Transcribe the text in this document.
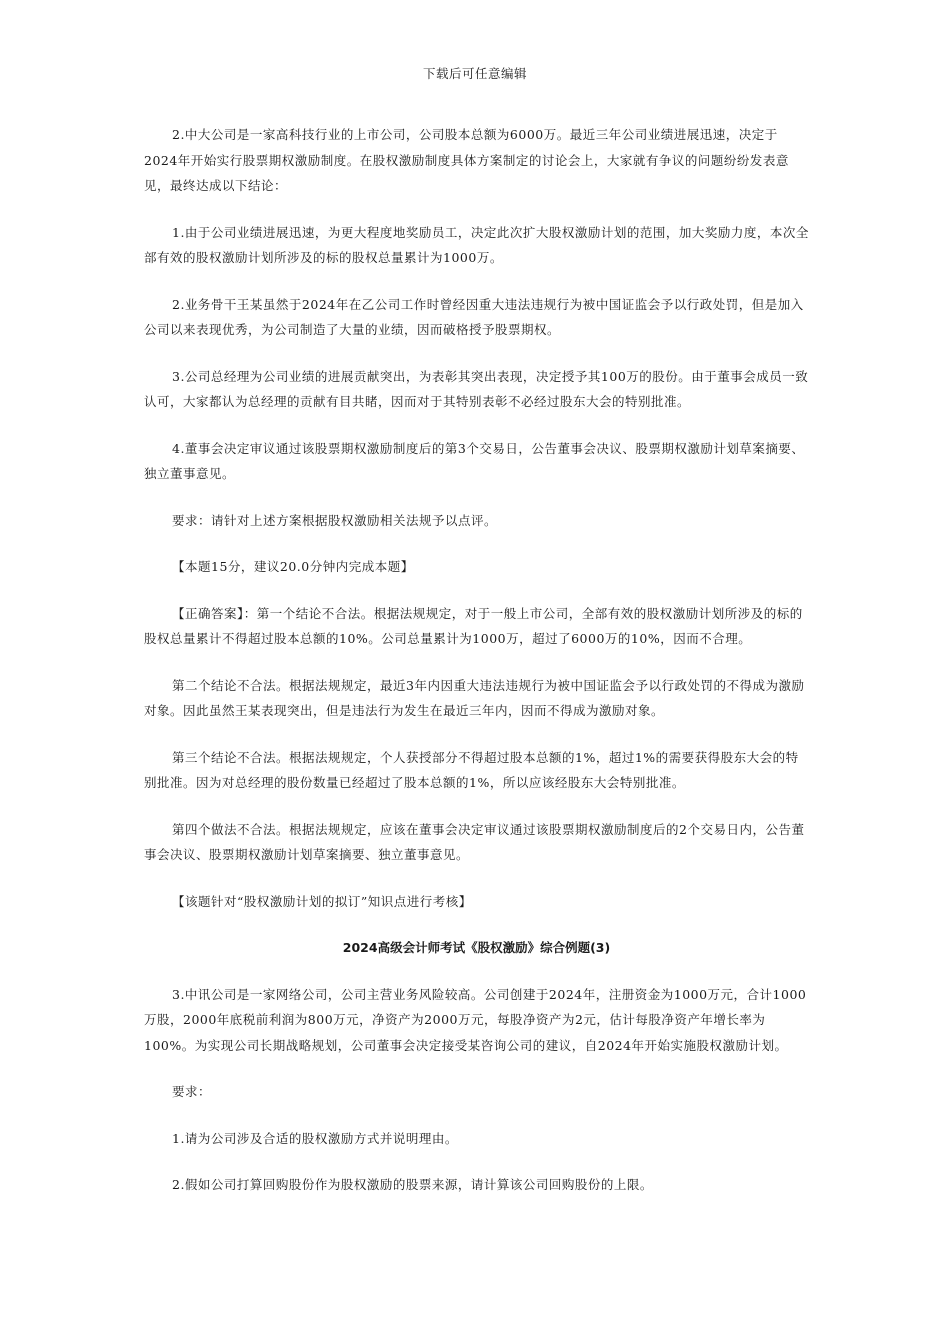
下载后可任意编辑

2.中大公司是一家高科技行业的上市公司，公司股本总额为6000万。最近三年公司业绩进展迅速，决定于2024年开始实行股票期权激励制度。在股权激励制度具体方案制定的讨论会上，大家就有争议的问题纷纷发表意见，最终达成以下结论：

1.由于公司业绩进展迅速，为更大程度地奖励员工，决定此次扩大股权激励计划的范围，加大奖励力度，本次全部有效的股权激励计划所涉及的标的股权总量累计为1000万。

2.业务骨干王某虽然于2024年在乙公司工作时曾经因重大违法违规行为被中国证监会予以行政处罚，但是加入公司以来表现优秀，为公司制造了大量的业绩，因而破格授予股票期权。

3.公司总经理为公司业绩的进展贡献突出，为表彰其突出表现，决定授予其100万的股份。由于董事会成员一致认可，大家都认为总经理的贡献有目共睹，因而对于其特别表彰不必经过股东大会的特别批准。

4.董事会决定审议通过该股票期权激励制度后的第3个交易日，公告董事会决议、股票期权激励计划草案摘要、独立董事意见。

要求：请针对上述方案根据股权激励相关法规予以点评。

【本题15分，建议20.0分钟内完成本题】

【正确答案】：第一个结论不合法。根据法规规定，对于一般上市公司，全部有效的股权激励计划所涉及的标的股权总量累计不得超过股本总额的10%。公司总量累计为1000万，超过了6000万的10%，因而不合理。

第二个结论不合法。根据法规规定，最近3年内因重大违法违规行为被中国证监会予以行政处罚的不得成为激励对象。因此虽然王某表现突出，但是违法行为发生在最近三年内，因而不得成为激励对象。

第三个结论不合法。根据法规规定，个人获授部分不得超过股本总额的1%，超过1%的需要获得股东大会的特别批准。因为对总经理的股份数量已经超过了股本总额的1%，所以应该经股东大会特别批准。

第四个做法不合法。根据法规规定，应该在董事会决定审议通过该股票期权激励制度后的2个交易日内，公告董事会决议、股票期权激励计划草案摘要、独立董事意见。

【该题针对“股权激励计划的拟订”知识点进行考核】

2024高级会计师考试《股权激励》综合例题(3)

3.中讯公司是一家网络公司，公司主营业务风险较高。公司创建于2024年，注册资金为1000万元，合计1000万股，2000年底税前利润为800万元，净资产为2000万元，每股净资产为2元，估计每股净资产年增长率为100%。为实现公司长期战略规划，公司董事会决定接受某咨询公司的建议，自2024年开始实施股权激励计划。

要求：

1.请为公司涉及合适的股权激励方式并说明理由。

2.假如公司打算回购股份作为股权激励的股票来源，请计算该公司回购股份的上限。
